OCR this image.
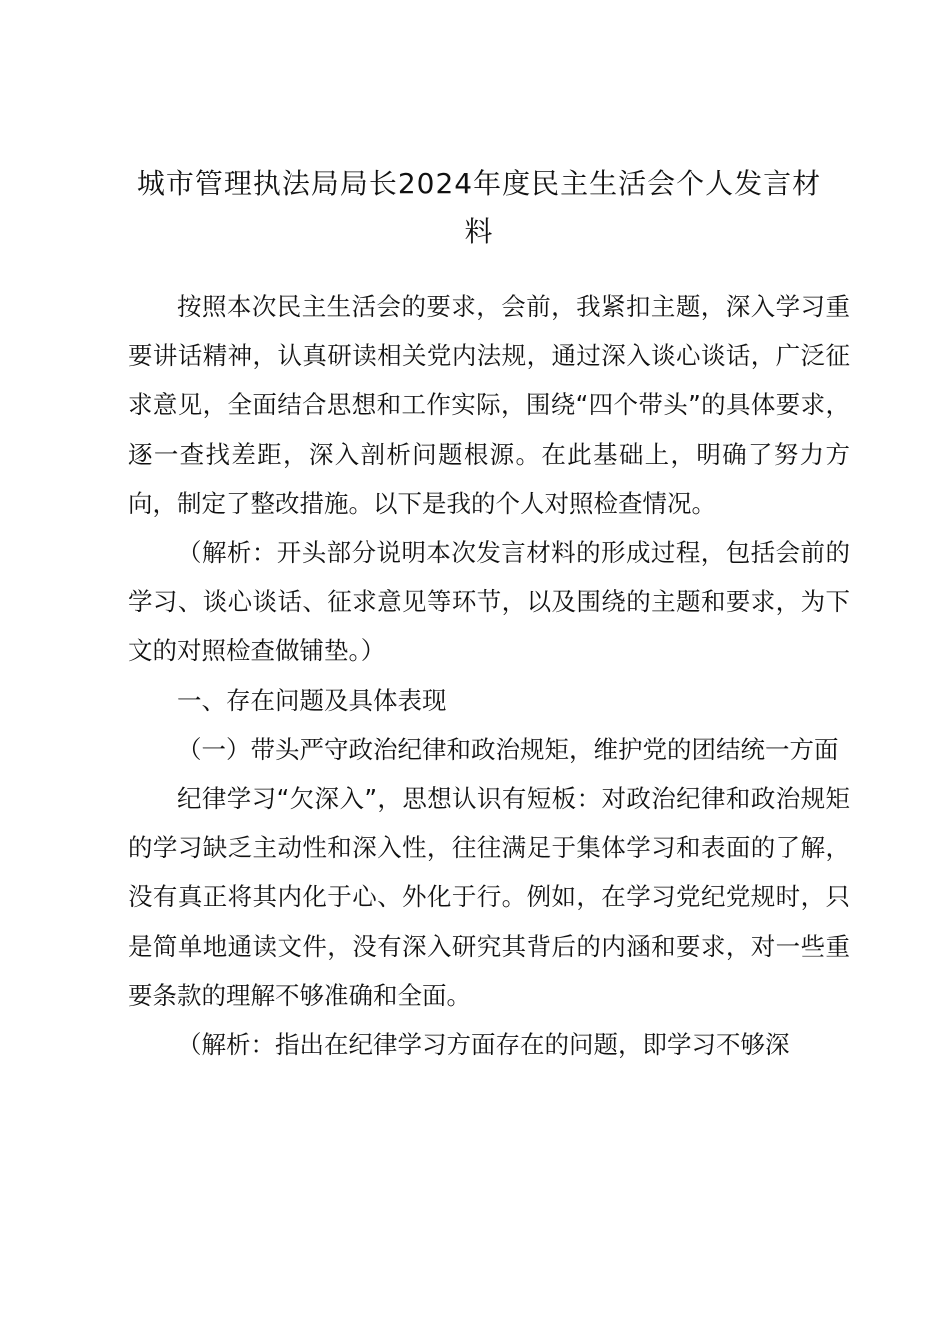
城市管理执法局局长2024年度民主生活会个人发言材料

按照本次民主生活会的要求，会前，我紧扣主题，深入学习重要讲话精神，认真研读相关党内法规，通过深入谈心谈话，广泛征求意见，全面结合思想和工作实际，围绕“四个带头”的具体要求，逐一查找差距，深入剖析问题根源。在此基础上，明确了努力方向，制定了整改措施。以下是我的个人对照检查情况。

（解析：开头部分说明本次发言材料的形成过程，包括会前的学习、谈心谈话、征求意见等环节，以及围绕的主题和要求，为下文的对照检查做铺垫。）

一、存在问题及具体表现

（一）带头严守政治纪律和政治规矩，维护党的团结统一方面

纪律学习“欠深入”，思想认识有短板：对政治纪律和政治规矩的学习缺乏主动性和深入性，往往满足于集体学习和表面的了解，没有真正将其内化于心、外化于行。例如，在学习党纪党规时，只是简单地通读文件，没有深入研究其背后的内涵和要求，对一些重要条款的理解不够准确和全面。

（解析：指出在纪律学习方面存在的问题，即学习不够深
